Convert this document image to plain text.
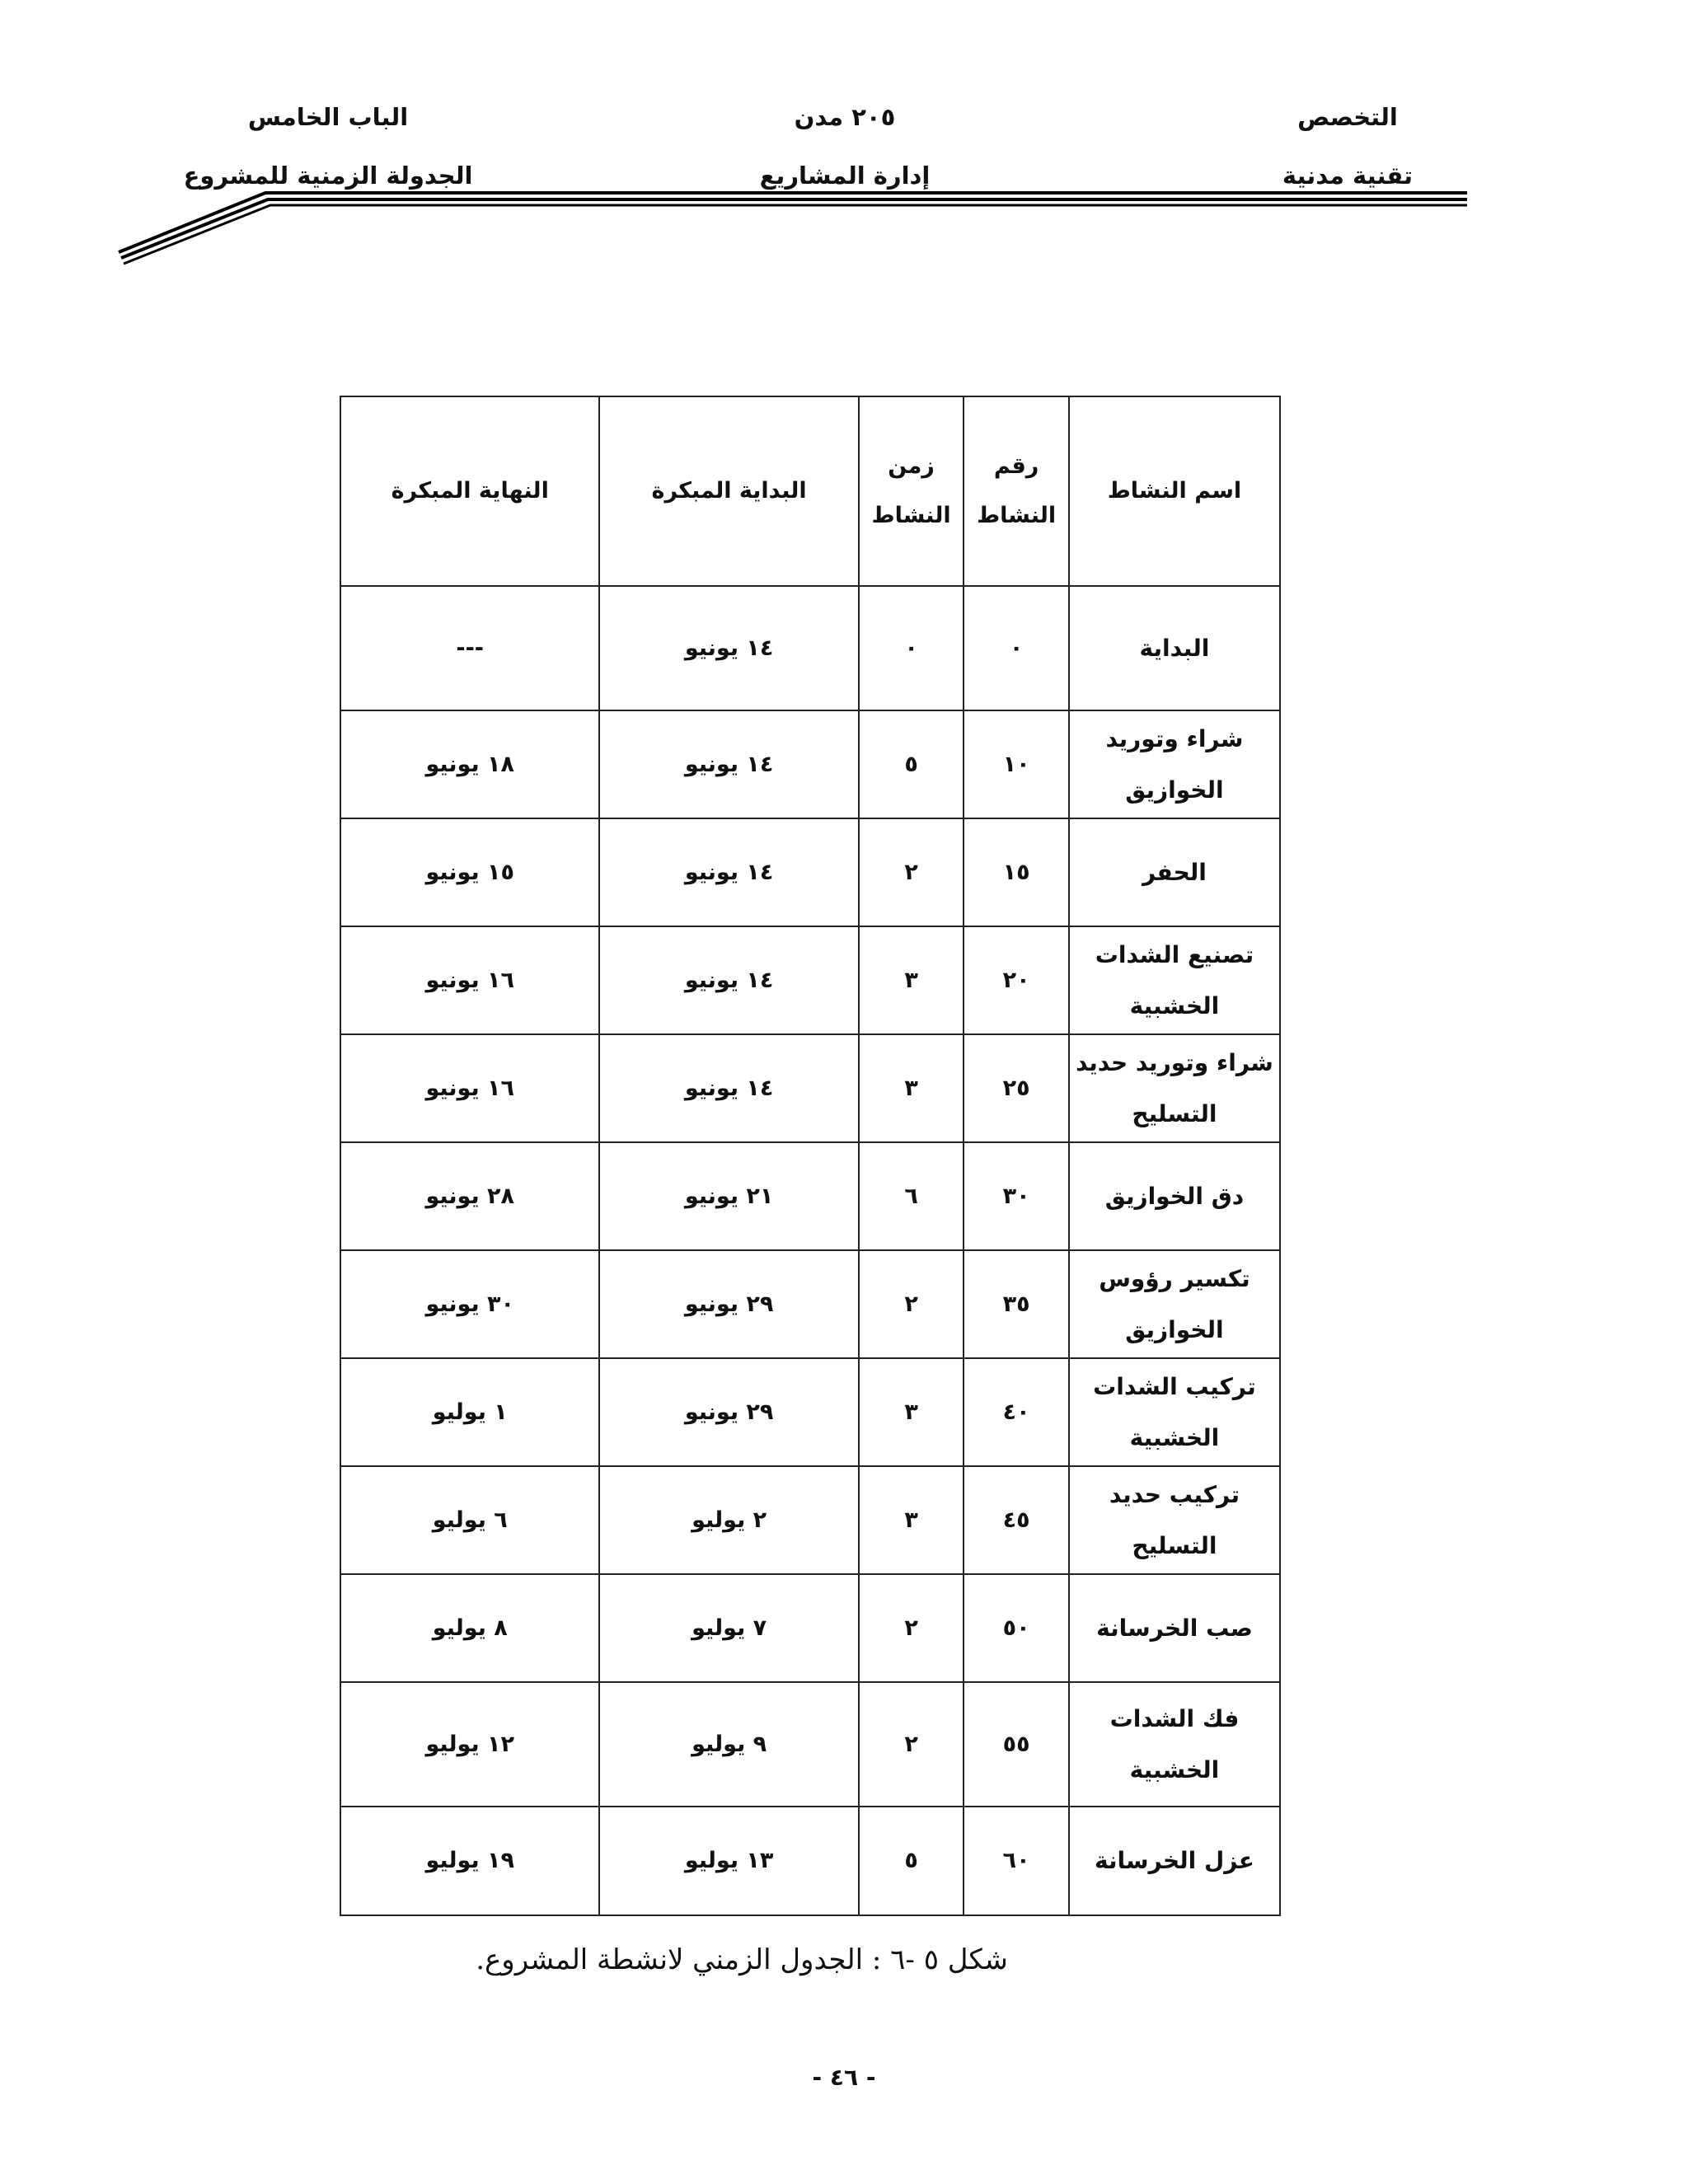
التخصص
تقنية مدنية
٢٠٥ مدن
إدارة المشاريع
الباب الخامس
الجدولة الزمنية للمشروع
اسم النشاط	رقم النشاط	زمن النشاط	البداية المبكرة	النهاية المبكرة
البداية	٠	٠	١٤ يونيو	---
شراء وتوريد الخوازيق	١٠	٥	١٤ يونيو	١٨ يونيو
الحفر	١٥	٢	١٤ يونيو	١٥ يونيو
تصنيع الشدات الخشبية	٢٠	٣	١٤ يونيو	١٦ يونيو
شراء وتوريد حديد التسليح	٢٥	٣	١٤ يونيو	١٦ يونيو
دق الخوازيق	٣٠	٦	٢١ يونيو	٢٨ يونيو
تكسير رؤوس الخوازيق	٣٥	٢	٢٩ يونيو	٣٠ يونيو
تركيب الشدات الخشبية	٤٠	٣	٢٩ يونيو	١ يوليو
تركيب حديد التسليح	٤٥	٣	٢ يوليو	٦ يوليو
صب الخرسانة	٥٠	٢	٧ يوليو	٨ يوليو
فك الشدات الخشبية	٥٥	٢	٩ يوليو	١٢ يوليو
عزل الخرسانة	٦٠	٥	١٣ يوليو	١٩ يوليو
شكل ٥ -٦ : الجدول الزمني لانشطة المشروع.
- ٤٦ -
